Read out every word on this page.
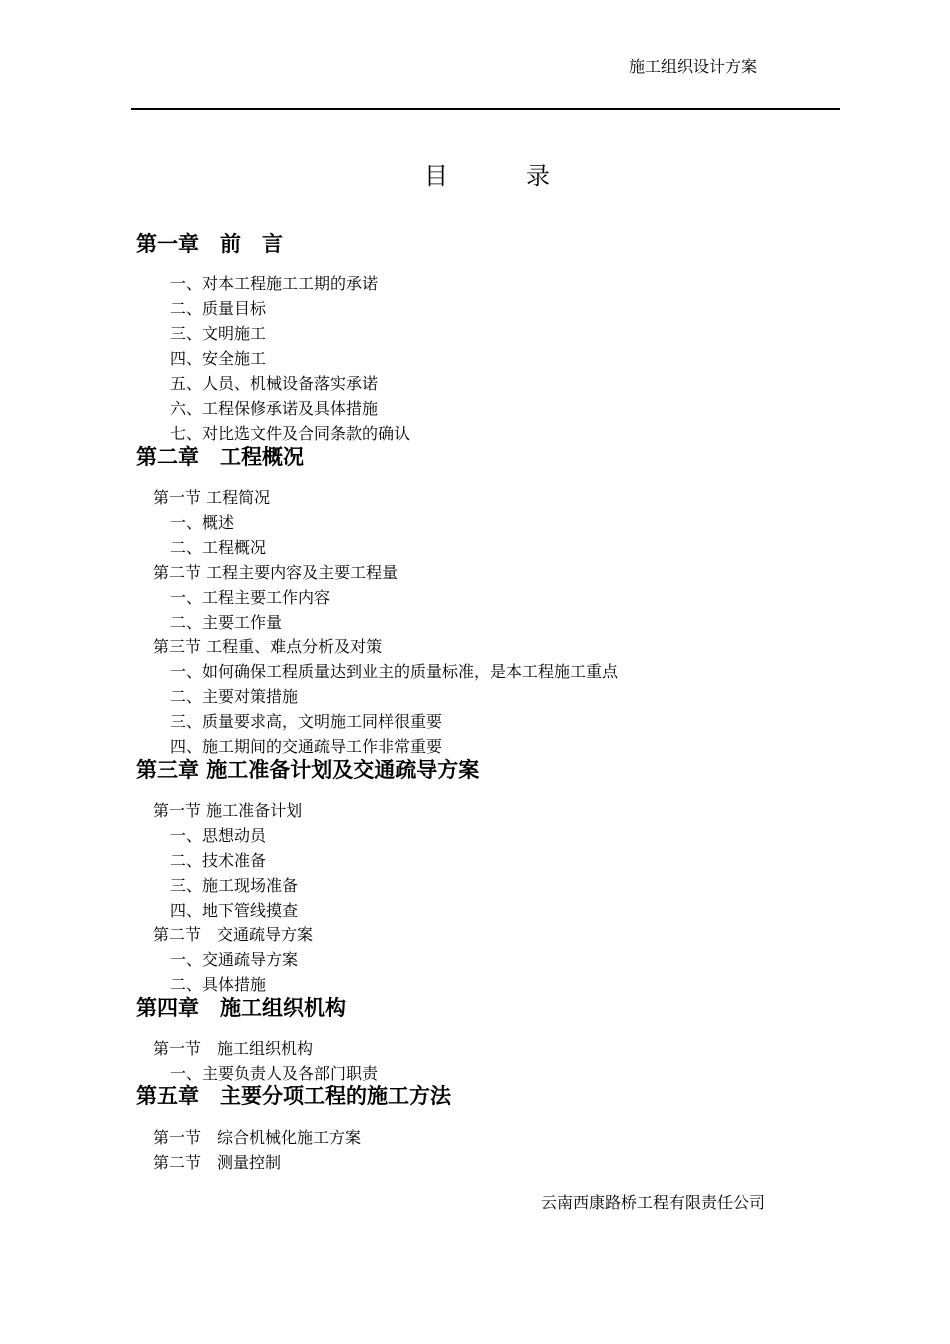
施工组织设计方案
目	录
第一章　前　言
一、对本工程施工工期的承诺
二、质量目标
三、文明施工
四、安全施工
五、人员、机械设备落实承诺
六、工程保修承诺及具体措施
七、对比选文件及合同条款的确认
第二章　工程概况
第一节 工程简况
一、概述
二、工程概况
第二节 工程主要内容及主要工程量
一、工程主要工作内容
二、主要工作量
第三节 工程重、难点分析及对策
一、如何确保工程质量达到业主的质量标准，是本工程施工重点
二、主要对策措施
三、质量要求高，文明施工同样很重要
四、施工期间的交通疏导工作非常重要
第三章 施工准备计划及交通疏导方案
第一节 施工准备计划
一、思想动员
二、技术准备
三、施工现场准备
四、地下管线摸查
第二节　交通疏导方案
一、交通疏导方案
二、具体措施
第四章　施工组织机构
第一节　施工组织机构
一、主要负责人及各部门职责
第五章　主要分项工程的施工方法
第一节　综合机械化施工方案
第二节　测量控制
云南西康路桥工程有限责任公司
